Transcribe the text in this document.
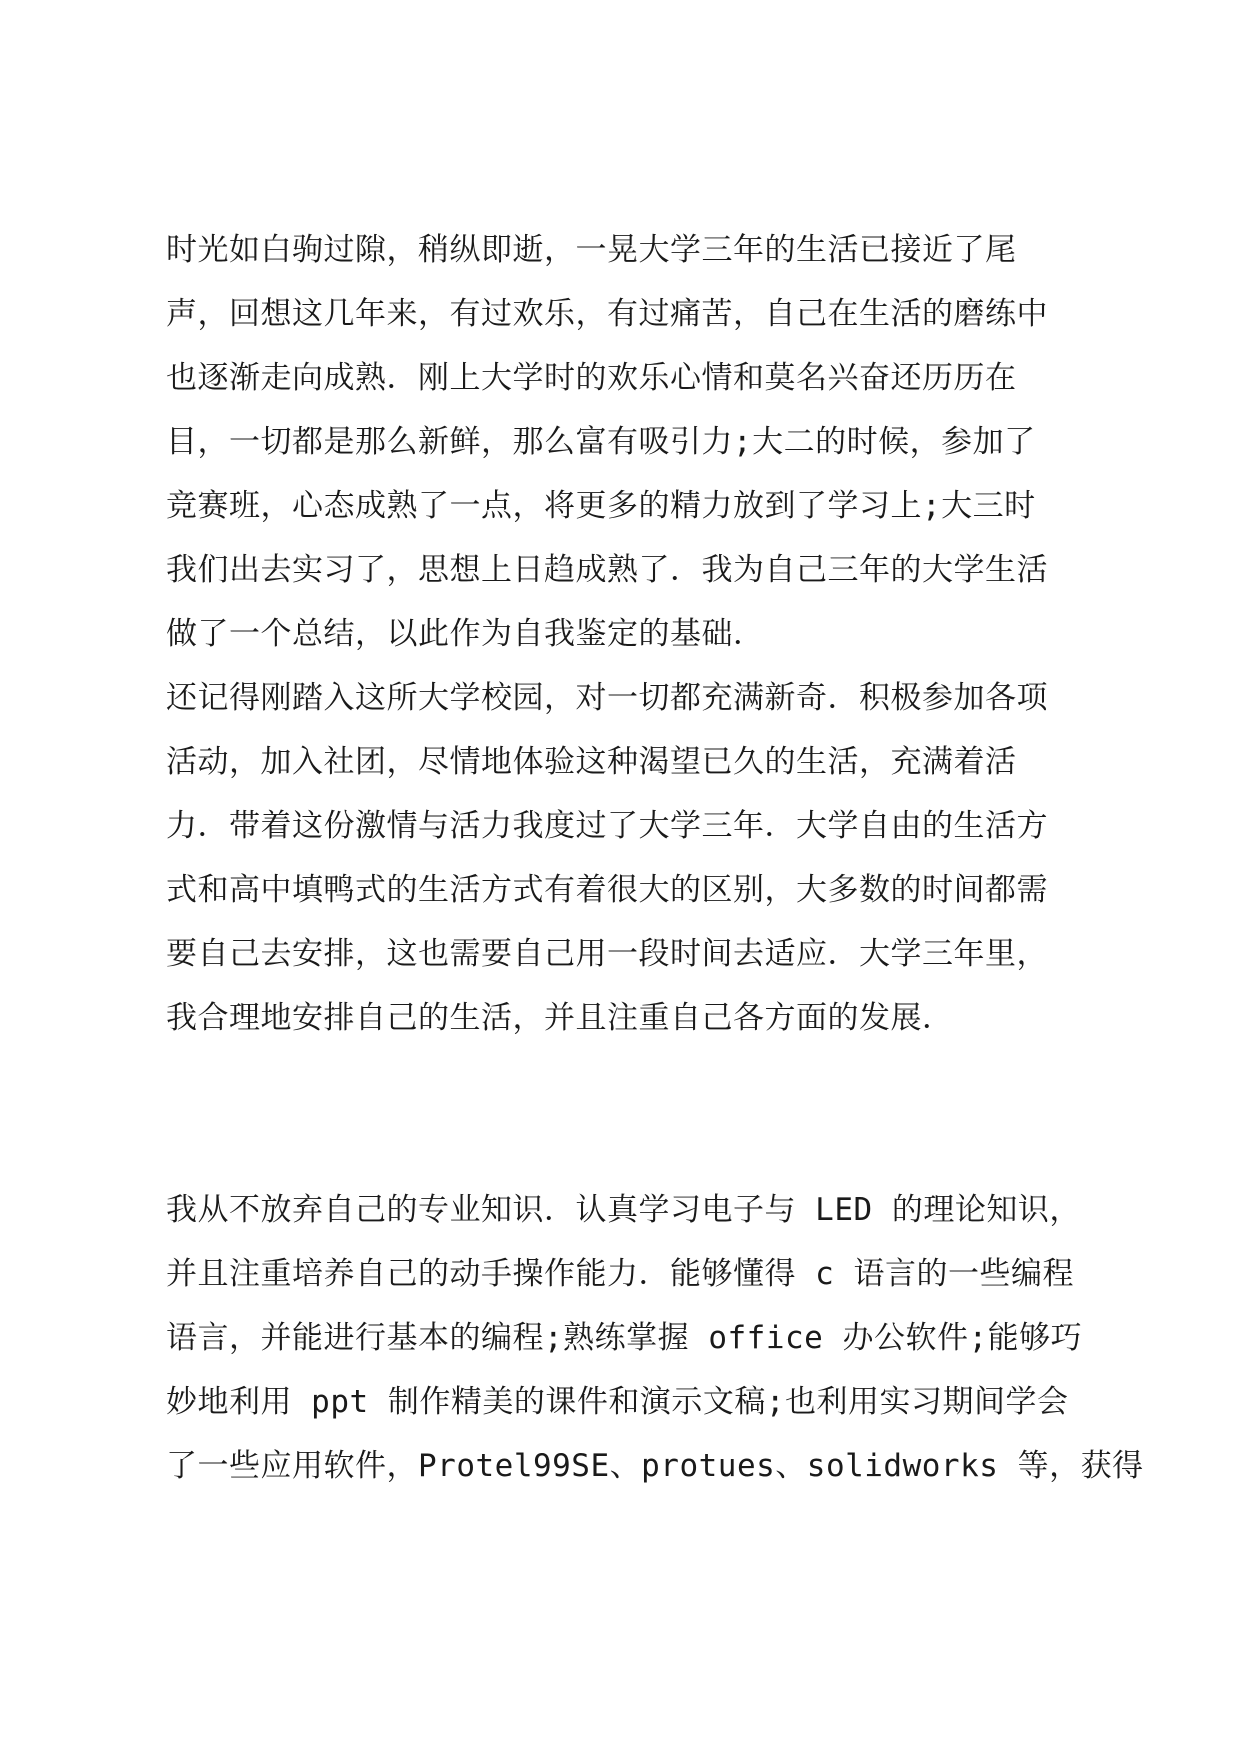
时光如白驹过隙，稍纵即逝，一晃大学三年的生活已接近了尾
声，回想这几年来，有过欢乐，有过痛苦，自己在生活的磨练中
也逐渐走向成熟．刚上大学时的欢乐心情和莫名兴奋还历历在
目，一切都是那么新鲜，那么富有吸引力;大二的时候，参加了
竞赛班，心态成熟了一点，将更多的精力放到了学习上;大三时
我们出去实习了，思想上日趋成熟了．我为自己三年的大学生活
做了一个总结，以此作为自我鉴定的基础．
还记得刚踏入这所大学校园，对一切都充满新奇．积极参加各项
活动，加入社团，尽情地体验这种渴望已久的生活，充满着活
力．带着这份激情与活力我度过了大学三年．大学自由的生活方
式和高中填鸭式的生活方式有着很大的区别，大多数的时间都需
要自己去安排，这也需要自己用一段时间去适应．大学三年里，
我合理地安排自己的生活，并且注重自己各方面的发展．
我从不放弃自己的专业知识．认真学习电子与 LED 的理论知识，
并且注重培养自己的动手操作能力．能够懂得 c 语言的一些编程
语言，并能进行基本的编程;熟练掌握 office 办公软件;能够巧
妙地利用 ppt 制作精美的课件和演示文稿;也利用实习期间学会
了一些应用软件，Protel99SE、protues、solidworks 等，获得
